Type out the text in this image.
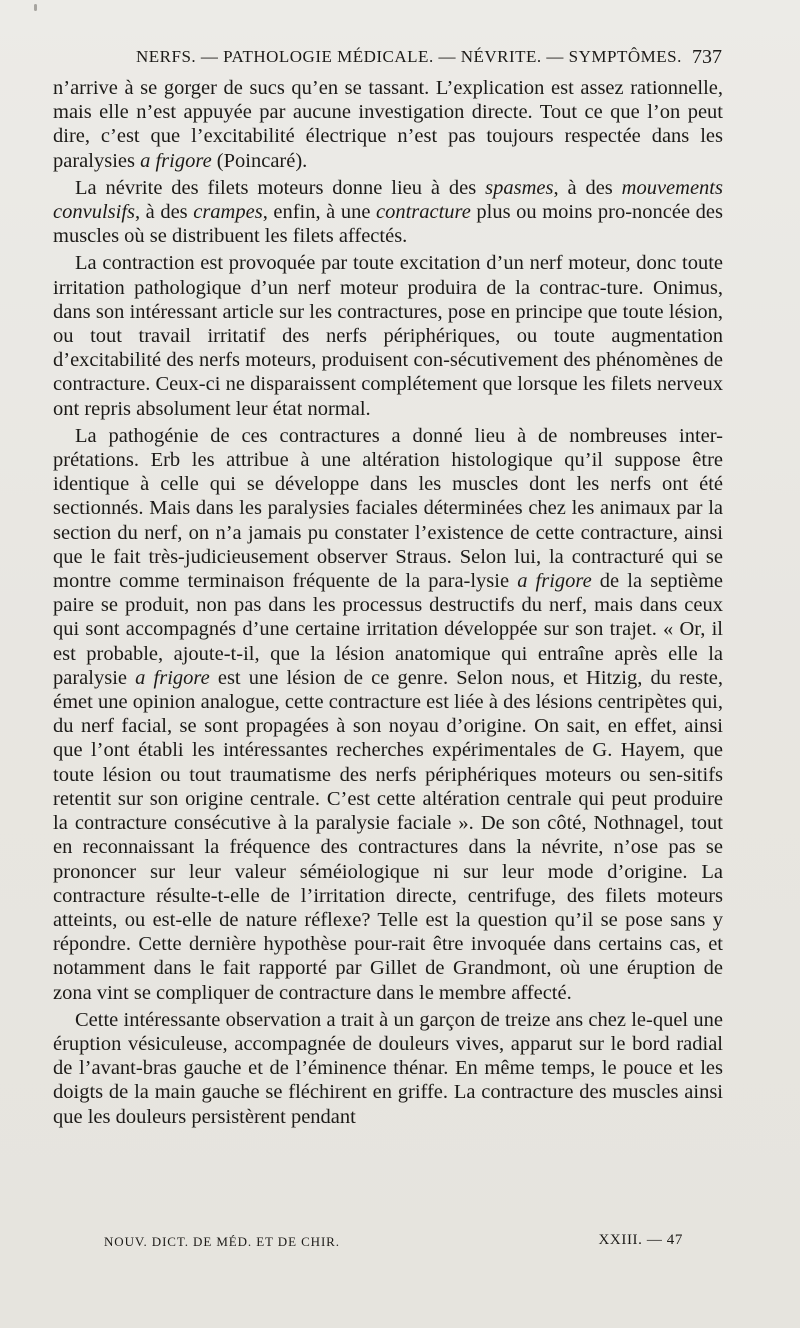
NERFS. — PATHOLOGIE MÉDICALE. — NÉVRITE. — SYMPTÔMES. 737

n’arrive à se gorger de sucs qu’en se tassant. L’explication est assez rationnelle, mais elle n’est appuyée par aucune investigation directe. Tout ce que l’on peut dire, c’est que l’excitabilité électrique n’est pas toujours respectée dans les paralysies a frigore (Poincaré).

La névrite des filets moteurs donne lieu à des spasmes, à des mouvements convulsifs, à des crampes, enfin, à une contracture plus ou moins pro-noncée des muscles où se distribuent les filets affectés.

La contraction est provoquée par toute excitation d’un nerf moteur, donc toute irritation pathologique d’un nerf moteur produira de la contrac-ture. Onimus, dans son intéressant article sur les contractures, pose en principe que toute lésion, ou tout travail irritatif des nerfs périphériques, ou toute augmentation d’excitabilité des nerfs moteurs, produisent con-sécutivement des phénomènes de contracture. Ceux-ci ne disparaissent complétement que lorsque les filets nerveux ont repris absolument leur état normal.

La pathogénie de ces contractures a donné lieu à de nombreuses inter-prétations. Erb les attribue à une altération histologique qu’il suppose être identique à celle qui se développe dans les muscles dont les nerfs ont été sectionnés. Mais dans les paralysies faciales déterminées chez les animaux par la section du nerf, on n’a jamais pu constater l’existence de cette contracture, ainsi que le fait très-judicieusement observer Straus. Selon lui, la contracturé qui se montre comme terminaison fréquente de la para-lysie a frigore de la septième paire se produit, non pas dans les processus destructifs du nerf, mais dans ceux qui sont accompagnés d’une certaine irritation développée sur son trajet. « Or, il est probable, ajoute-t-il, que la lésion anatomique qui entraîne après elle la paralysie a frigore est une lésion de ce genre. Selon nous, et Hitzig, du reste, émet une opinion analogue, cette contracture est liée à des lésions centripètes qui, du nerf facial, se sont propagées à son noyau d’origine. On sait, en effet, ainsi que l’ont établi les intéressantes recherches expérimentales de G. Hayem, que toute lésion ou tout traumatisme des nerfs périphériques moteurs ou sen-sitifs retentit sur son origine centrale. C’est cette altération centrale qui peut produire la contracture consécutive à la paralysie faciale ». De son côté, Nothnagel, tout en reconnaissant la fréquence des contractures dans la névrite, n’ose pas se prononcer sur leur valeur séméiologique ni sur leur mode d’origine. La contracture résulte-t-elle de l’irritation directe, centrifuge, des filets moteurs atteints, ou est-elle de nature réflexe? Telle est la question qu’il se pose sans y répondre. Cette dernière hypothèse pour-rait être invoquée dans certains cas, et notamment dans le fait rapporté par Gillet de Grandmont, où une éruption de zona vint se compliquer de contracture dans le membre affecté.

Cette intéressante observation a trait à un garçon de treize ans chez le-quel une éruption vésiculeuse, accompagnée de douleurs vives, apparut sur le bord radial de l’avant-bras gauche et de l’éminence thénar. En même temps, le pouce et les doigts de la main gauche se fléchirent en griffe. La contracture des muscles ainsi que les douleurs persistèrent pendant

NOUV. DICT. DE MÉD. ET DE CHIR.	XXIII. — 47
